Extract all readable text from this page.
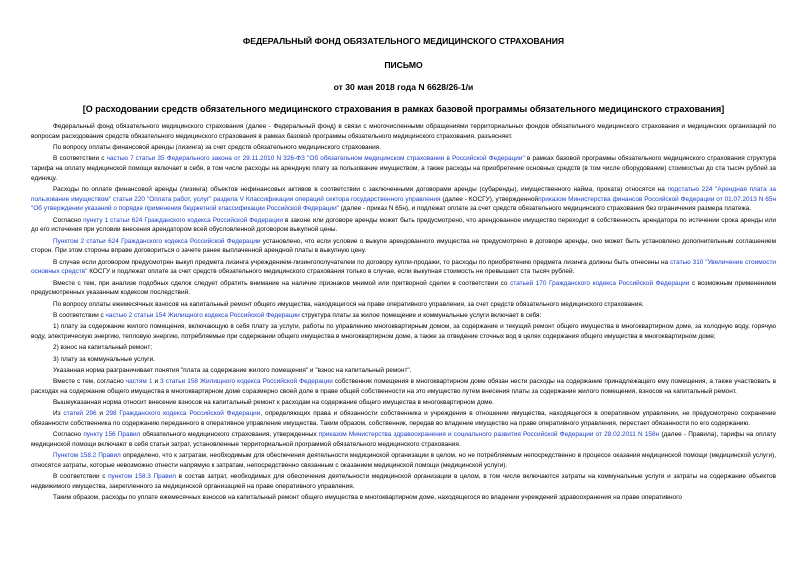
ФЕДЕРАЛЬНЫЙ ФОНД ОБЯЗАТЕЛЬНОГО МЕДИЦИНСКОГО СТРАХОВАНИЯ
ПИСЬМО
от 30 мая 2018 года N 6628/26-1/и
[О расходовании средств обязательного медицинского страхования в рамках базовой программы обязательного медицинского страхования]
Федеральный фонд обязательного медицинского страхования (далее - Федеральный фонд) в связи с многочисленными обращениями территориальных фондов обязательного медицинского страхования и медицинских организаций по вопросам расходования средств обязательного медицинского страхования в рамках базовой программы обязательного медицинского страхования, разъясняет.
По вопросу оплаты финансовой аренды (лизинга) за счет средств обязательного медицинского страхования.
В соответствии с частью 7 статьи 35 Федерального закона от 29.11.2010 N 326-ФЗ "Об обязательном медицинском страховании в Российской Федерации" в рамках базовой программы обязательного медицинского страхования структура тарифа на оплату медицинской помощи включает в себя, в том числе расходы на арендную плату за пользование имуществом, а также расходы на приобретение основных средств (в том числе оборудование) стоимостью до ста тысяч рублей за единицу.
Расходы по оплате финансовой аренды (лизинга) объектов нефинансовых активов в соответствии с заключенными договорами аренды (субаренды), имущественного найма, проката) относятся на подстатью 224 "Арендная плата за пользование имуществом" статьи 220 "Оплата работ, услуг" раздела V Классификации операций сектора государственного управления (далее - КОСГУ), утвержденнойприказом Министерства финансов Российской Федерации от 01.07.2013 N 65н "Об утверждении указаний о порядке применения бюджетной классификации Российской Федерации" (далее - приказ N 65н), и подлежат оплате за счет средств обязательного медицинского страхования без ограничения размера платежа.
Согласно пункту 1 статьи 624 Гражданского кодекса Российской Федерации в законе или договоре аренды может быть предусмотрено, что арендованное имущество переходит в собственность арендатора по истечении срока аренды или до его истечения при условии внесения арендатором всей обусловленной договором выкупной цены.
Пунктом 2 статьи 624 Гражданского кодекса Российской Федерации установлено, что если условие о выкупе арендованного имущества не предусмотрено в договоре аренды, оно может быть установлено дополнительным соглашением сторон. При этом стороны вправе договориться о зачете ранее выплаченной арендной платы в выкупную цену.
В случае если договором предусмотрен выкуп предмета лизинга учреждением-лизингополучателем по договору купли-продажи, то расходы по приобретению предмета лизинга должны быть отнесены на статью 310 "Увеличение стоимости основных средств" КОСГУ и подлежат оплате за счет средств обязательного медицинского страхования только в случае, если выкупная стоимость не превышает ста тысяч рублей.
Вместе с тем, при анализе подобных сделок следует обратить внимание на наличие признаков мнимой или притворной сделки в соответствии со статьей 170 Гражданского кодекса Российской Федерации с возможным применением предусмотренных указанным кодексом последствий.
По вопросу оплаты ежемесячных взносов на капитальный ремонт общего имущества, находящегося на праве оперативного управления, за счет средств обязательного медицинского страхования.
В соответствии с частью 2 статьи 154 Жилищного кодекса Российской Федерации структура платы за жилое помещение и коммунальные услуги включает в себя:
1) плату за содержание жилого помещения, включающую в себя плату за услуги, работы по управлению многоквартирным домом, за содержание и текущий ремонт общего имущества в многоквартирном доме, за холодную воду, горячую воду, электрическую энергию, тепловую энергию, потребляемые при содержании общего имущества в многоквартирном доме, а также за отведение сточных вод в целях содержания общего имущества в многоквартирном доме;
2) взнос на капитальный ремонт;
3) плату за коммунальные услуги.
Указанная норма разграничивает понятия "плата за содержание жилого помещения" и "взнос на капитальный ремонт".
Вместе с тем, согласно частям 1 и 3 статьи 158 Жилищного кодекса Российской Федерации собственник помещения в многоквартирном доме обязан нести расходы на содержание принадлежащего ему помещения, а также участвовать в расходах на содержание общего имущества в многоквартирном доме соразмерно своей доле в праве общей собственности на это имущество путем внесения платы за содержание жилого помещения, взносов на капитальный ремонт.
Вышеуказанная норма относит внесение взносов на капитальный ремонт к расходам на содержание общего имущества в многоквартирном доме.
Из статей 296 и 298 Гражданского кодекса Российской Федерации, определяющих права и обязанности собственника и учреждения в отношении имущества, находящегося в оперативном управлении, не предусмотрено сохранение обязанности собственника по содержанию переданного в оперативное управление имущества. Таким образом, собственник, передав во владение имущество на праве оперативного управления, перестает обязанности по его содержанию.
Согласно пункту 156 Правил обязательного медицинского страхования, утвержденных приказом Министерства здравоохранения и социального развития Российской Федерации от 28.02.2011 N 158н (далее - Правила), тарифы на оплату медицинской помощи включают в себя статьи затрат, установленные территориальной программой обязательного медицинского страхования.
Пунктом 158.2 Правил определено, что к затратам, необходимым для обеспечения деятельности медицинской организации в целом, но не потребляемым непосредственно в процессе оказания медицинской помощи (медицинской услуги), относятся затраты, которые невозможно отнести напрямую к затратам, непосредственно связанным с оказанием медицинской помощи (медицинской услуги).
В соответствии с пунктом 158.3 Правил в состав затрат, необходимых для обеспечения деятельности медицинской организации в целом, в том числе включаются затраты на коммунальные услуги и затраты на содержание объектов недвижимого имущества, закрепленного за медицинской организацией на праве оперативного управления.
Таким образом, расходы по уплате ежемесячных взносов на капитальный ремонт общего имущества в многоквартирном доме, находящегося во владении учреждений здравоохранения на праве оперативного
